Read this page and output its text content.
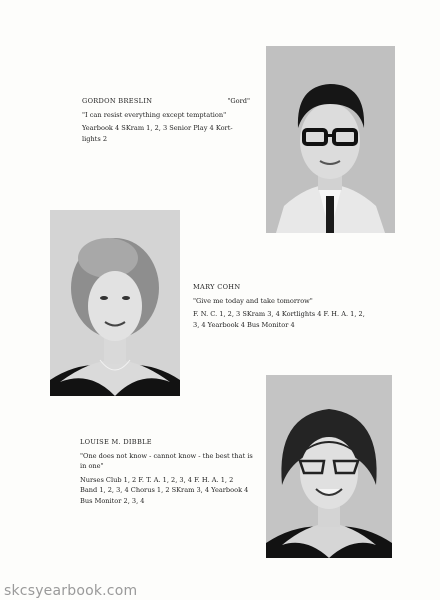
GORDON BRESLIN	"Gord"
"I can resist everything except temptation"
Yearbook 4 SKram 1, 2, 3 Senior Play 4 Kort-lights 2
MARY COHN
"Give me today and take tomorrow"
F. N. C. 1, 2, 3 SKram 3, 4 Kortlights 4 F. H. A. 1, 2, 3, 4 Yearbook 4 Bus Monitor 4
LOUISE M. DIBBLE
"One does not know - cannot know - the best that is in one"
Nurses Club 1, 2 F. T. A. 1, 2, 3, 4 F. H. A. 1, 2 Band 1, 2, 3, 4 Chorus 1, 2 SKram 3, 4 Yearbook 4 Bus Monitor 2, 3, 4
skcsyearbook.com
